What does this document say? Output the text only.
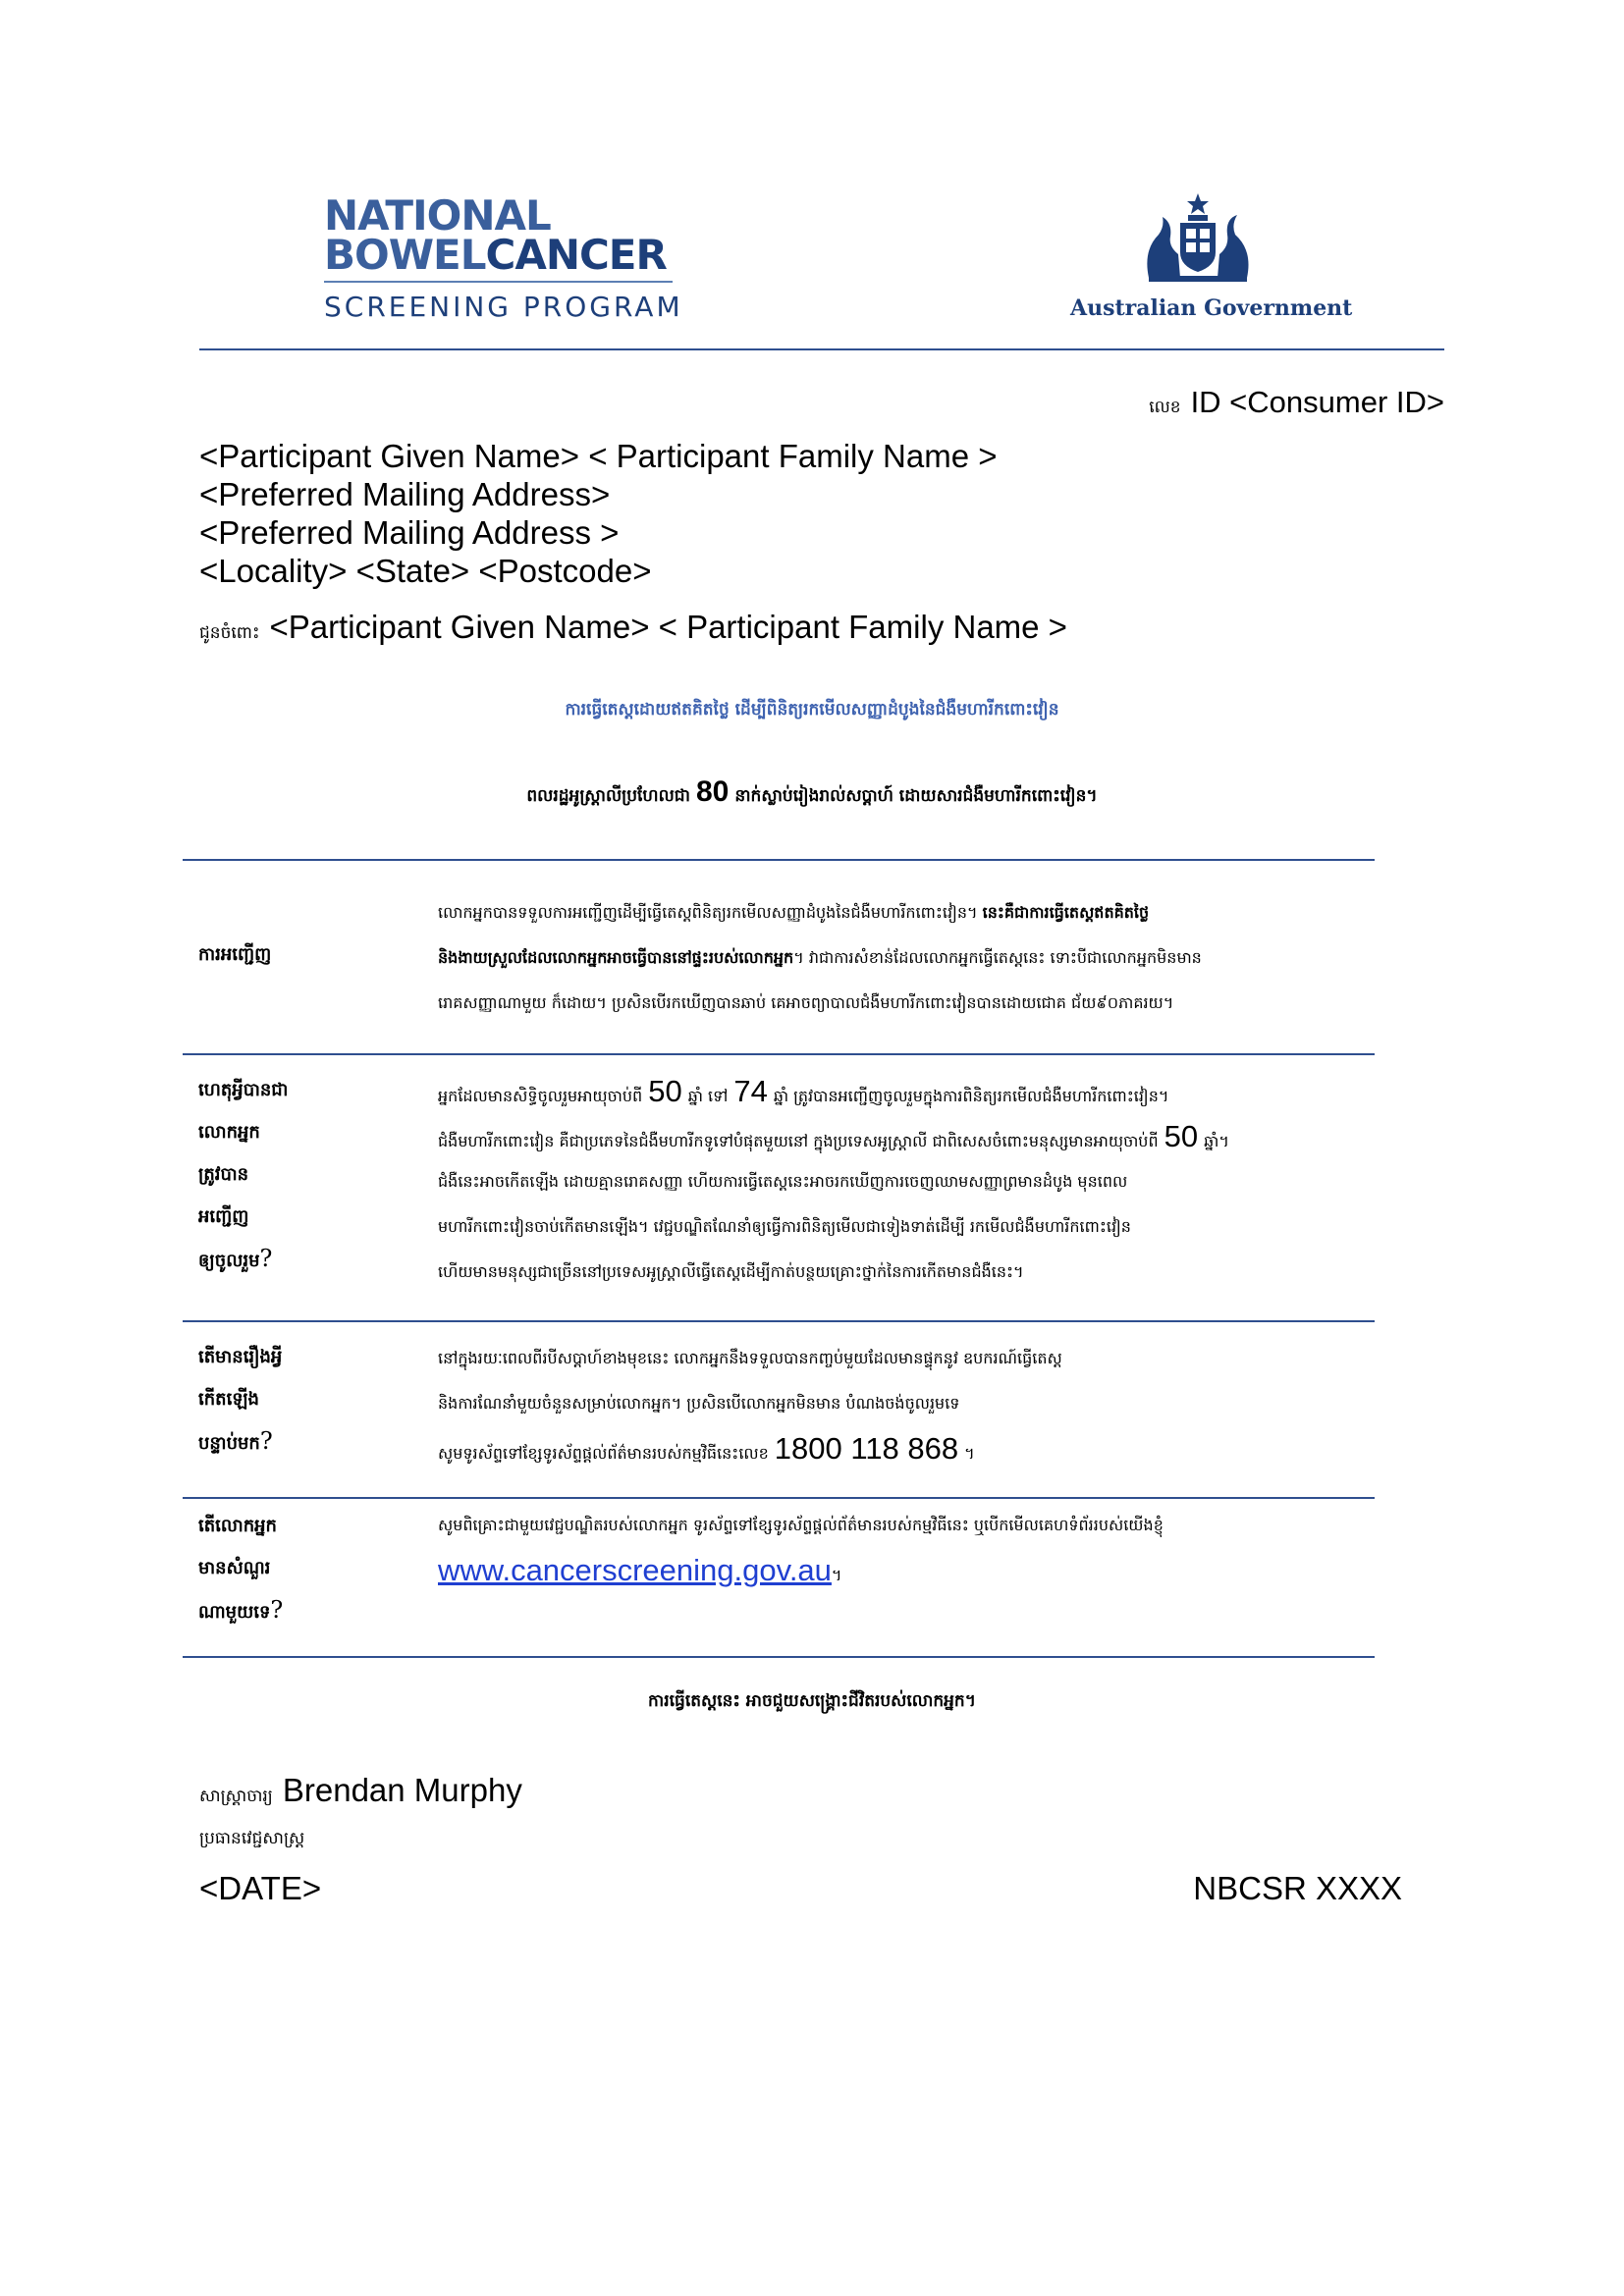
NATIONAL
BOWELCANCER
SCREENING PROGRAM	Australian Government
លេខ ID <Consumer ID>
<Participant Given Name> < Participant Family Name >
<Preferred Mailing Address>
<Preferred Mailing Address >
<Locality> <State> <Postcode>
ជូនចំពោះ <Participant Given Name> < Participant Family Name >
ការធ្វើតេស្តដោយឥតគិតថ្លៃ ដើម្បីពិនិត្យរកមើលសញ្ញាដំបូងនៃជំងឺមហារីកពោះវៀន
ពលរដ្ឋអូស្ត្រាលីប្រហែលជា 80 នាក់ស្លាប់រៀងរាល់សប្តាហ៍ ដោយសារជំងឺមហារីកពោះវៀន។
ការអញ្ជើញ
លោកអ្នកបានទទួលការអញ្ជើញដើម្បីធ្វើតេស្តពិនិត្យរកមើលសញ្ញាដំបូងនៃជំងឺមហារីកពោះវៀន។ នេះគឺជាការធ្វើតេស្តឥតគិតថ្លៃ
និងងាយស្រួលដែលលោកអ្នកអាចធ្វើបាននៅផ្ទះរបស់លោកអ្នក។ វាជាការសំខាន់ដែលលោកអ្នកធ្វើតេស្តនេះ ទោះបីជាលោកអ្នកមិនមាន
រោគសញ្ញាណាមួយ ក៏ដោយ។ ប្រសិនបើរកឃើញបានឆាប់ គេអាចព្យាបាលជំងឺមហារីកពោះវៀនបានដោយជោគ ជ័យ៩០ភាគរយ។
ហេតុអ្វីបានជា
លោកអ្នក
ត្រូវបាន
អញ្ជើញ
ឲ្យចូលរួម?
អ្នកដែលមានសិទ្ធិចូលរួមអាយុចាប់ពី 50 ឆ្នាំ ទៅ 74 ឆ្នាំ ត្រូវបានអញ្ជើញចូលរួមក្នុងការពិនិត្យរកមើលជំងឺមហារីកពោះវៀន។
ជំងឺមហារីកពោះវៀន គឺជាប្រភេទនៃជំងឺមហារីកទូទៅបំផុតមួយនៅ ក្នុងប្រទេសអូស្ត្រាលី ជាពិសេសចំពោះមនុស្សមានអាយុចាប់ពី 50 ឆ្នាំ។
ជំងឺនេះអាចកើតឡើង ដោយគ្មានរោគសញ្ញា ហើយការធ្វើតេស្តនេះអាចរកឃើញការចេញឈាមសញ្ញាព្រមានដំបូង មុនពេល
មហារីកពោះវៀនចាប់កើតមានឡើង។ វេជ្ជបណ្ឌិតណែនាំឲ្យធ្វើការពិនិត្យមើលជាទៀងទាត់ដើម្បី រកមើលជំងឺមហារីកពោះវៀន
ហើយមានមនុស្សជាច្រើននៅប្រទេសអូស្ត្រាលីធ្វើតេស្តដើម្បីកាត់បន្ថយគ្រោះថ្នាក់នៃការកើតមានជំងឺនេះ។
តើមានរឿងអ្វី
កើតឡើង
បន្ទាប់មក?
នៅក្នុងរយៈពេលពីរបីសប្តាហ៍ខាងមុខនេះ លោកអ្នកនឹងទទួលបានកញ្ចប់មួយដែលមានផ្ទុកនូវ ឧបករណ៍ធ្វើតេស្ត
និងការណែនាំមួយចំនួនសម្រាប់លោកអ្នក។ ប្រសិនបើលោកអ្នកមិនមាន បំណងចង់ចូលរួមទេ
សូមទូរស័ព្ទទៅខ្សែទូរស័ព្ទផ្តល់ព័ត៌មានរបស់កម្មវិធីនេះលេខ 1800 118 868 ។
តើលោកអ្នក
មានសំណួរ
ណាមួយទេ?
សូមពិគ្រោះជាមួយវេជ្ជបណ្ឌិតរបស់លោកអ្នក ទូរស័ព្ទទៅខ្សែទូរស័ព្ទផ្តល់ព័ត៌មានរបស់កម្មវិធីនេះ ឬបើកមើលគេហទំព័ររបស់យើងខ្ញុំ
www.cancerscreening.gov.au។
ការធ្វើតេស្តនេះ អាចជួយសង្គ្រោះជីវិតរបស់លោកអ្នក។
សាស្ត្រាចារ្យ Brendan Murphy
ប្រធានវេជ្ជសាស្ត្រ
<DATE>	NBCSR XXXX
